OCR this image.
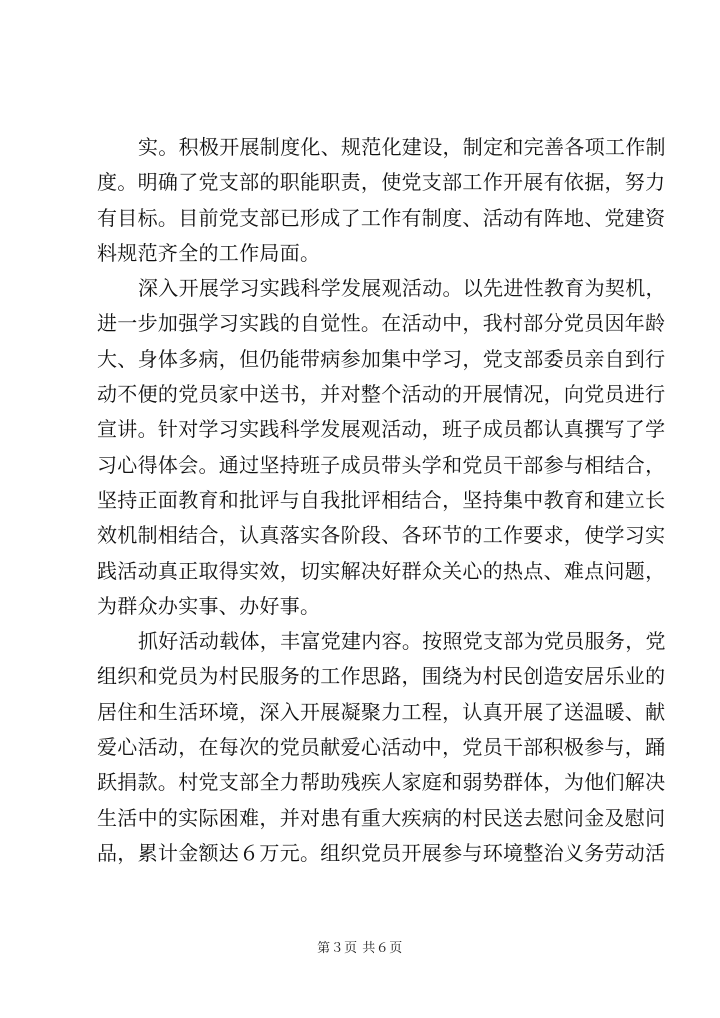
实。积极开展制度化、规范化建设，制定和完善各项工作制
度。明确了党支部的职能职责，使党支部工作开展有依据，努力
有目标。目前党支部已形成了工作有制度、活动有阵地、党建资
料规范齐全的工作局面。
深入开展学习实践科学发展观活动。以先进性教育为契机，
进一步加强学习实践的自觉性。在活动中，我村部分党员因年龄
大、身体多病，但仍能带病参加集中学习，党支部委员亲自到行
动不便的党员家中送书，并对整个活动的开展情况，向党员进行
宣讲。针对学习实践科学发展观活动，班子成员都认真撰写了学
习心得体会。通过坚持班子成员带头学和党员干部参与相结合，
坚持正面教育和批评与自我批评相结合，坚持集中教育和建立长
效机制相结合，认真落实各阶段、各环节的工作要求，使学习实
践活动真正取得实效，切实解决好群众关心的热点、难点问题，
为群众办实事、办好事。
抓好活动载体，丰富党建内容。按照党支部为党员服务，党
组织和党员为村民服务的工作思路，围绕为村民创造安居乐业的
居住和生活环境，深入开展凝聚力工程，认真开展了送温暖、献
爱心活动，在每次的党员献爱心活动中，党员干部积极参与，踊
跃捐款。村党支部全力帮助残疾人家庭和弱势群体，为他们解决
生活中的实际困难，并对患有重大疾病的村民送去慰问金及慰问
品，累计金额达６万元。组织党员开展参与环境整治义务劳动活
第３页 共６页
